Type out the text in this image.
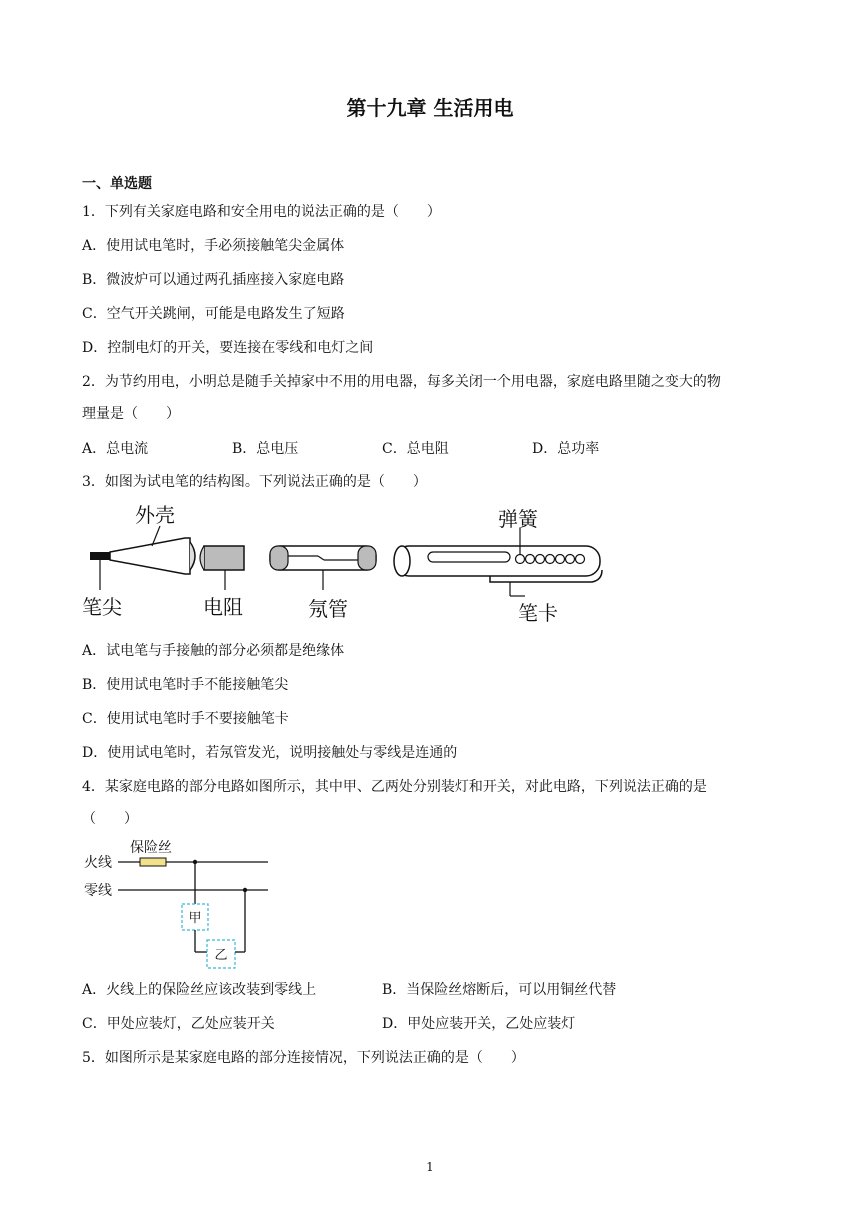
第十九章 生活用电
一、单选题
1．下列有关家庭电路和安全用电的说法正确的是（　　）
A．使用试电笔时，手必须接触笔尖金属体
B．微波炉可以通过两孔插座接入家庭电路
C．空气开关跳闸，可能是电路发生了短路
D．控制电灯的开关，要连接在零线和电灯之间
2．为节约用电，小明总是随手关掉家中不用的用电器，每多关闭一个用电器，家庭电路里随之变大的物
理量是（　　）
A．总电流	B．总电压	C．总电阻	D．总功率
3．如图为试电笔的结构图。下列说法正确的是（　　）
外壳
笔尖	电阻	氖管
弹簧
笔卡
A．试电笔与手接触的部分必须都是绝缘体
B．使用试电笔时手不能接触笔尖
C．使用试电笔时手不要接触笔卡
D．使用试电笔时，若氖管发光，说明接触处与零线是连通的
4．某家庭电路的部分电路如图所示，其中甲、乙两处分别装灯和开关，对此电路，下列说法正确的是
（　　）
火线
零线
保险丝
甲
乙
A．火线上的保险丝应该改装到零线上	B．当保险丝熔断后，可以用铜丝代替
C．甲处应装灯，乙处应装开关	D．甲处应装开关，乙处应装灯
5．如图所示是某家庭电路的部分连接情况，下列说法正确的是（　　）
1
